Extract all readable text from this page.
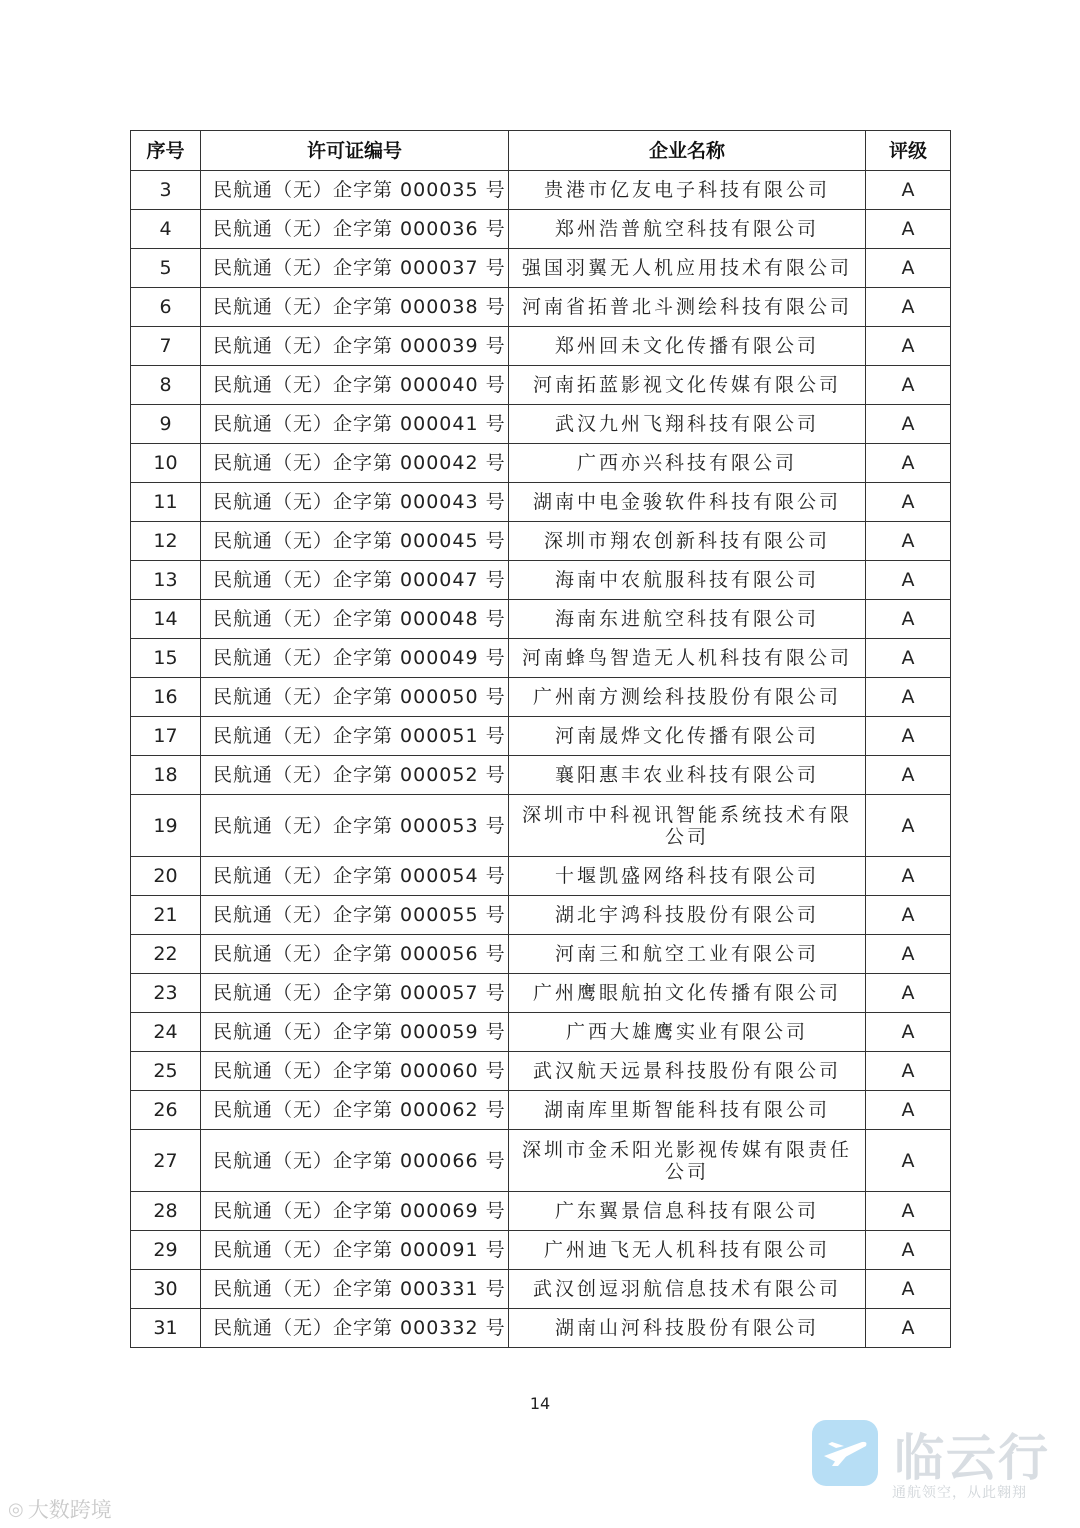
序号	许可证编号	企业名称	评级
3	民航通（无）企字第 000035 号	贵港市亿友电子科技有限公司	A
4	民航通（无）企字第 000036 号	郑州浩普航空科技有限公司	A
5	民航通（无）企字第 000037 号	强国羽翼无人机应用技术有限公司	A
6	民航通（无）企字第 000038 号	河南省拓普北斗测绘科技有限公司	A
7	民航通（无）企字第 000039 号	郑州回未文化传播有限公司	A
8	民航通（无）企字第 000040 号	河南拓蓝影视文化传媒有限公司	A
9	民航通（无）企字第 000041 号	武汉九州飞翔科技有限公司	A
10	民航通（无）企字第 000042 号	广西亦兴科技有限公司	A
11	民航通（无）企字第 000043 号	湖南中电金骏软件科技有限公司	A
12	民航通（无）企字第 000045 号	深圳市翔农创新科技有限公司	A
13	民航通（无）企字第 000047 号	海南中农航服科技有限公司	A
14	民航通（无）企字第 000048 号	海南东进航空科技有限公司	A
15	民航通（无）企字第 000049 号	河南蜂鸟智造无人机科技有限公司	A
16	民航通（无）企字第 000050 号	广州南方测绘科技股份有限公司	A
17	民航通（无）企字第 000051 号	河南晟烨文化传播有限公司	A
18	民航通（无）企字第 000052 号	襄阳惠丰农业科技有限公司	A
19	民航通（无）企字第 000053 号	深圳市中科视讯智能系统技术有限公司	A
20	民航通（无）企字第 000054 号	十堰凯盛网络科技有限公司	A
21	民航通（无）企字第 000055 号	湖北宇鸿科技股份有限公司	A
22	民航通（无）企字第 000056 号	河南三和航空工业有限公司	A
23	民航通（无）企字第 000057 号	广州鹰眼航拍文化传播有限公司	A
24	民航通（无）企字第 000059 号	广西大雄鹰实业有限公司	A
25	民航通（无）企字第 000060 号	武汉航天远景科技股份有限公司	A
26	民航通（无）企字第 000062 号	湖南库里斯智能科技有限公司	A
27	民航通（无）企字第 000066 号	深圳市金禾阳光影视传媒有限责任公司	A
28	民航通（无）企字第 000069 号	广东翼景信息科技有限公司	A
29	民航通（无）企字第 000091 号	广州迪飞无人机科技有限公司	A
30	民航通（无）企字第 000331 号	武汉创逗羽航信息技术有限公司	A
31	民航通（无）企字第 000332 号	湖南山河科技股份有限公司	A
14
◎ 大数跨境
临云行
通航领空，从此翱翔
